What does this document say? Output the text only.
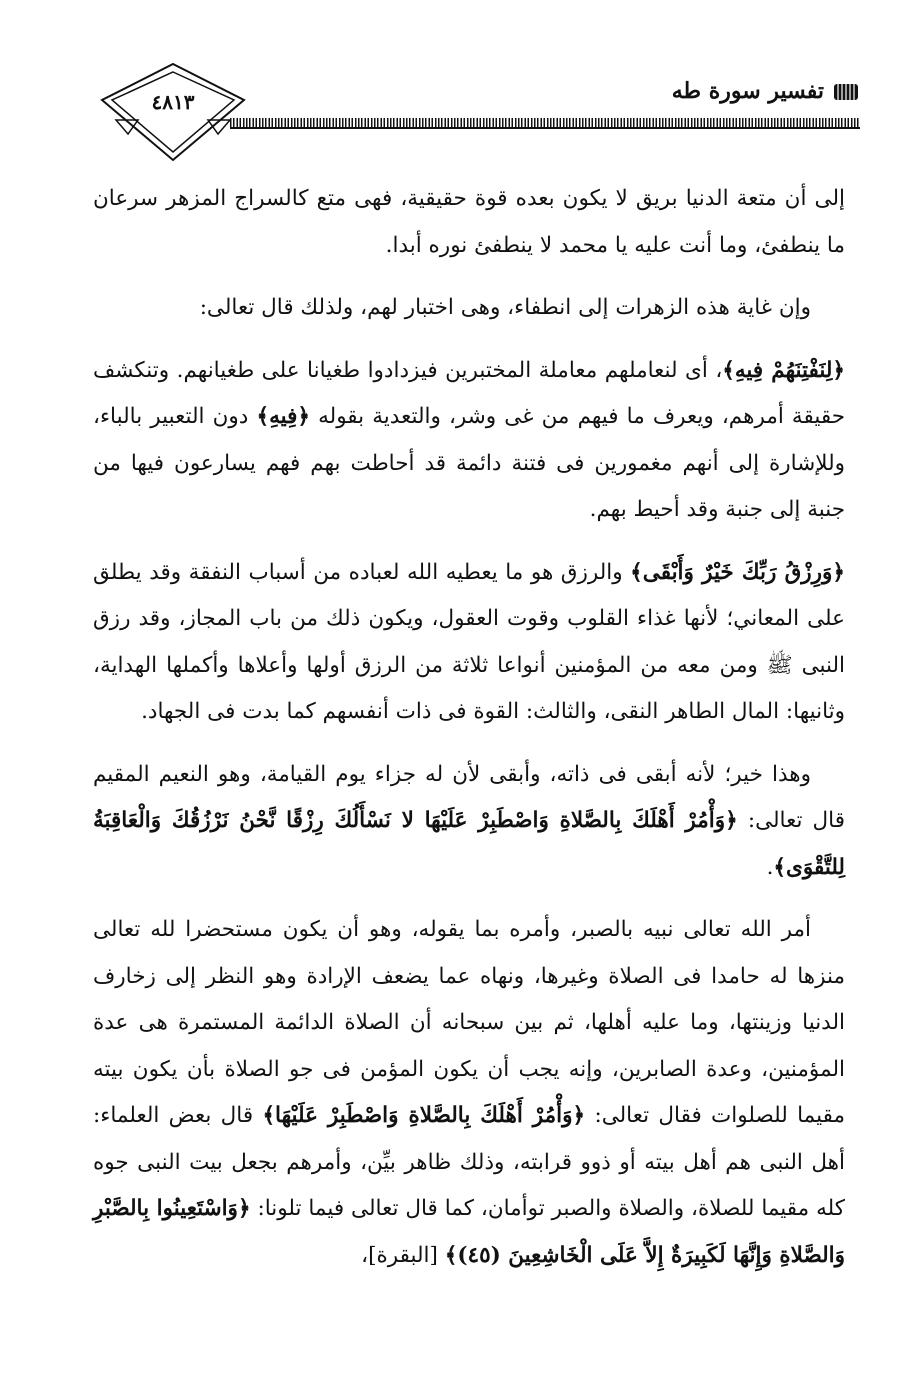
٤٨١٣	تفسير سورة طه

إلى أن متعة الدنيا بريق لا يكون بعده قوة حقيقية، فهى متع كالسراج المزهر سرعان ما ينطفئ، وما أنت عليه يا محمد لا ينطفئ نوره أبدا.

وإن غاية هذه الزهرات إلى انطفاء، وهى اختبار لهم، ولذلك قال تعالى:

﴿لِنَفْتِنَهُمْ فِيهِ﴾، أى لنعاملهم معاملة المختبرين فيزدادوا طغيانا على طغيانهم. وتنكشف حقيقة أمرهم، ويعرف ما فيهم من غى وشر، والتعدية بقوله ﴿فِيهِ﴾ دون التعبير بالباء، وللإشارة إلى أنهم مغمورين فى فتنة دائمة قد أحاطت بهم فهم يسارعون فيها من جنبة إلى جنبة وقد أحيط بهم.

﴿وَرِزْقُ رَبِّكَ خَيْرٌ وَأَبْقَى﴾ والرزق هو ما يعطيه الله لعباده من أسباب النفقة وقد يطلق على المعاني؛ لأنها غذاء القلوب وقوت العقول، ويكون ذلك من باب المجاز، وقد رزق النبى ﷺ ومن معه من المؤمنين أنواعا ثلاثة من الرزق أولها وأعلاها وأكملها الهداية، وثانيها: المال الطاهر النقى، والثالث: القوة فى ذات أنفسهم كما بدت فى الجهاد.

وهذا خير؛ لأنه أبقى فى ذاته، وأبقى لأن له جزاء يوم القيامة، وهو النعيم المقيم قال تعالى: ﴿وَأْمُرْ أَهْلَكَ بِالصَّلاةِ وَاصْطَبِرْ عَلَيْهَا لا نَسْأَلُكَ رِزْقًا نَّحْنُ نَرْزُقُكَ وَالْعَاقِبَةُ لِلتَّقْوَى﴾.

أمر الله تعالى نبيه بالصبر، وأمره بما يقوله، وهو أن يكون مستحضرا لله تعالى منزها له حامدا فى الصلاة وغيرها، ونهاه عما يضعف الإرادة وهو النظر إلى زخارف الدنيا وزينتها، وما عليه أهلها، ثم بين سبحانه أن الصلاة الدائمة المستمرة هى عدة المؤمنين، وعدة الصابرين، وإنه يجب أن يكون المؤمن فى جو الصلاة بأن يكون بيته مقيما للصلوات فقال تعالى: ﴿وَأْمُرْ أَهْلَكَ بِالصَّلاةِ وَاصْطَبِرْ عَلَيْهَا﴾ قال بعض العلماء: أهل النبى هم أهل بيته أو ذوو قرابته، وذلك ظاهر بيِّن، وأمرهم بجعل بيت النبى جوه كله مقيما للصلاة، والصلاة والصبر توأمان، كما قال تعالى فيما تلونا: ﴿وَاسْتَعِينُوا بِالصَّبْرِ وَالصَّلاةِ وَإِنَّهَا لَكَبِيرَةٌ إِلاَّ عَلَى الْخَاشِعِينَ (٤٥)﴾ [البقرة]،
